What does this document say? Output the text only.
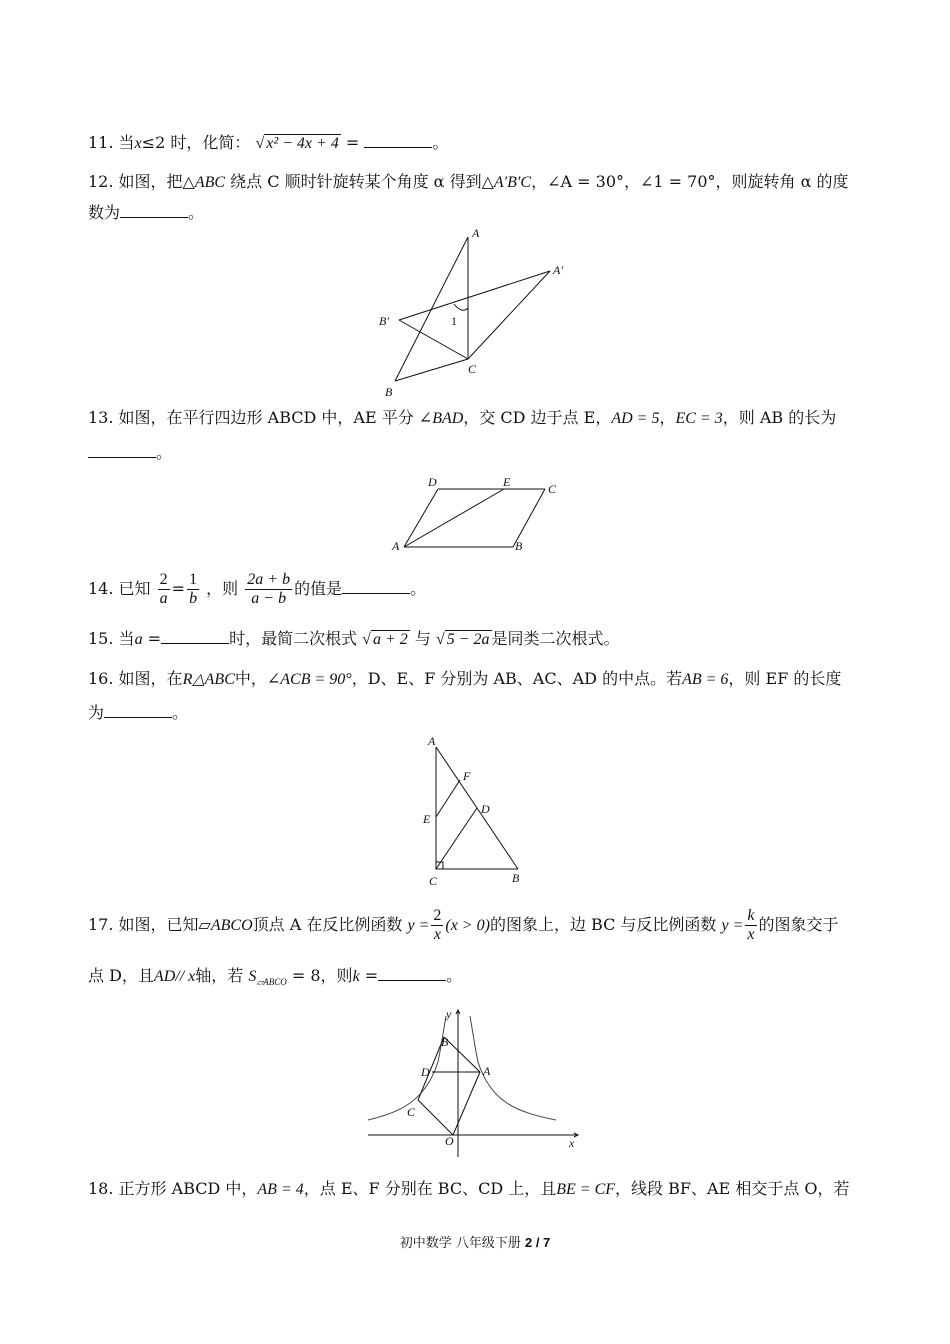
11. 当x≤2 时，化简： √ x² − 4x + 4 =	。
12. 如图，把△ABC 绕点 C 顺时针旋转某个角度 α 得到△A′B′C，∠A = 30°，∠1 = 70°，则旋转角 α 的度
数为	。
A
A′
B′	1
C
B
13. 如图，在平行四边形 ABCD 中，AE 平分 ∠BAD，交 CD 边于点 E，AD = 5，EC = 3，则 AB 的长为
。
D	E	C
A	B
14. 已知 $\frac{2}{a} = \frac{1}{b}$ ，则 $\frac{2a + b}{a - b}$ 的值是	。
15. 当a =	时，最简二次根式 √ a + 2 与 √ 5 − 2a 是同类二次根式。
16. 如图，在R△ABC中，∠ACB = 90°，D、E、F 分别为 AB、AC、AD 的中点。若AB = 6，则 EF 的长度
为	。
A
F
D
E
C	B
17. 如图，已知▱ABCO顶点 A 在反比例函数 $y = \frac{2}{x} (x > 0)$的图象上，边 BC 与反比例函数 $y = \frac{k}{x}$ 的图象交于
点 D，且AD// x轴，若 $S_{▱ABCO} = 8$，则k =	。
y
B
D	A
C
O	x
18. 正方形 ABCD 中，AB = 4，点 E、F 分别在 BC、CD 上，且BE = CF，线段 BF、AE 相交于点 O，若
初中数学 八年级下册 2 / 7
